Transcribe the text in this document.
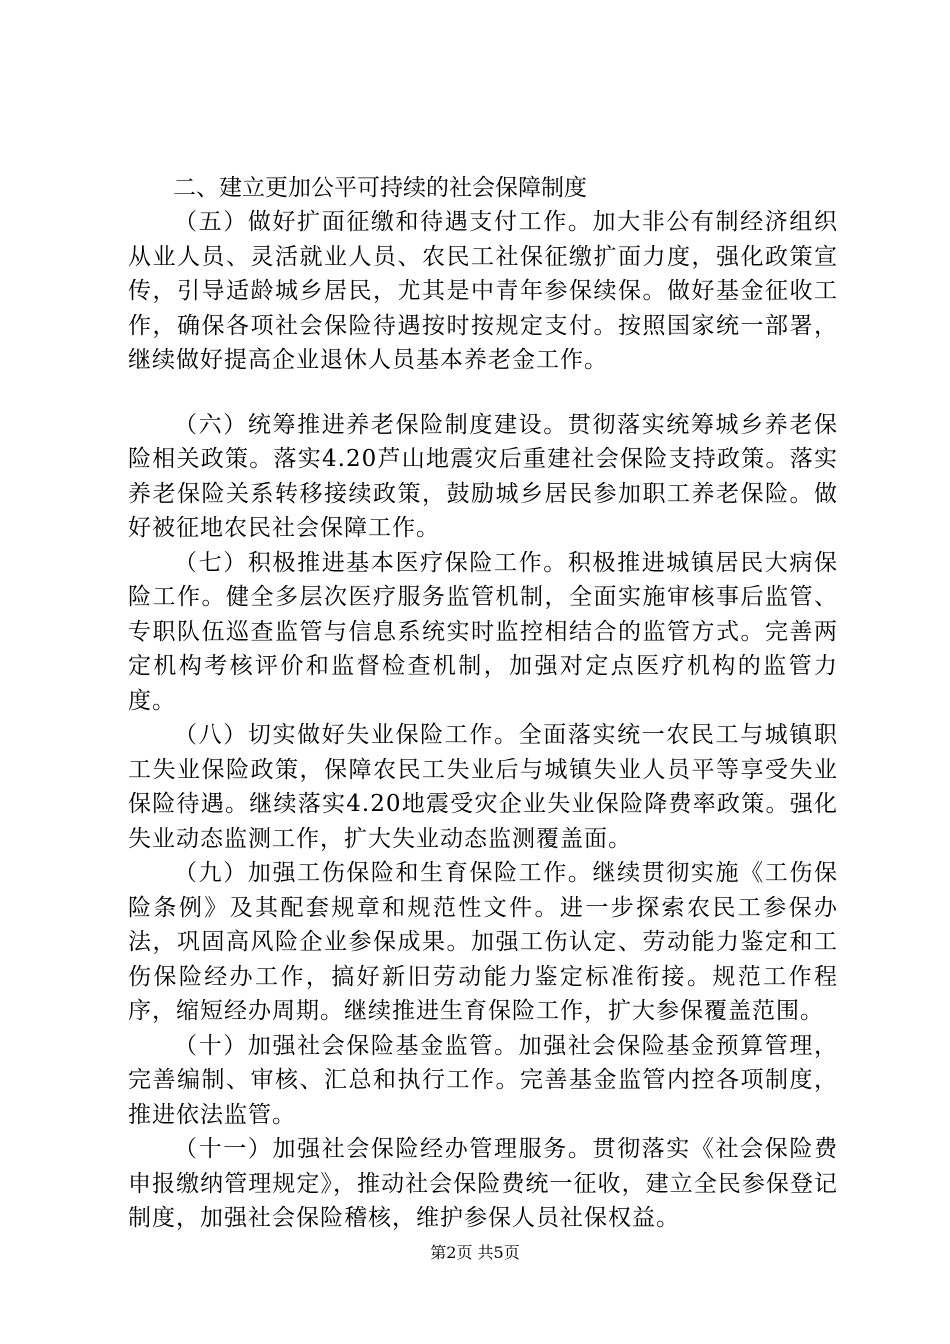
二、建立更加公平可持续的社会保障制度

（五）做好扩面征缴和待遇支付工作。加大非公有制经济组织从业人员、灵活就业人员、农民工社保征缴扩面力度，强化政策宣传，引导适龄城乡居民，尤其是中青年参保续保。做好基金征收工作，确保各项社会保险待遇按时按规定支付。按照国家统一部署，继续做好提高企业退休人员基本养老金工作。

（六）统筹推进养老保险制度建设。贯彻落实统筹城乡养老保险相关政策。落实4.20芦山地震灾后重建社会保险支持政策。落实养老保险关系转移接续政策，鼓励城乡居民参加职工养老保险。做好被征地农民社会保障工作。

（七）积极推进基本医疗保险工作。积极推进城镇居民大病保险工作。健全多层次医疗服务监管机制，全面实施审核事后监管、专职队伍巡查监管与信息系统实时监控相结合的监管方式。完善两定机构考核评价和监督检查机制，加强对定点医疗机构的监管力度。

（八）切实做好失业保险工作。全面落实统一农民工与城镇职工失业保险政策，保障农民工失业后与城镇失业人员平等享受失业保险待遇。继续落实4.20地震受灾企业失业保险降费率政策。强化失业动态监测工作，扩大失业动态监测覆盖面。

（九）加强工伤保险和生育保险工作。继续贯彻实施《工伤保险条例》及其配套规章和规范性文件。进一步探索农民工参保办法，巩固高风险企业参保成果。加强工伤认定、劳动能力鉴定和工伤保险经办工作，搞好新旧劳动能力鉴定标准衔接。规范工作程序，缩短经办周期。继续推进生育保险工作，扩大参保覆盖范围。

（十）加强社会保险基金监管。加强社会保险基金预算管理，完善编制、审核、汇总和执行工作。完善基金监管内控各项制度，推进依法监管。

（十一）加强社会保险经办管理服务。贯彻落实《社会保险费申报缴纳管理规定》，推动社会保险费统一征收，建立全民参保登记制度，加强社会保险稽核，维护参保人员社保权益。

第2页 共5页
